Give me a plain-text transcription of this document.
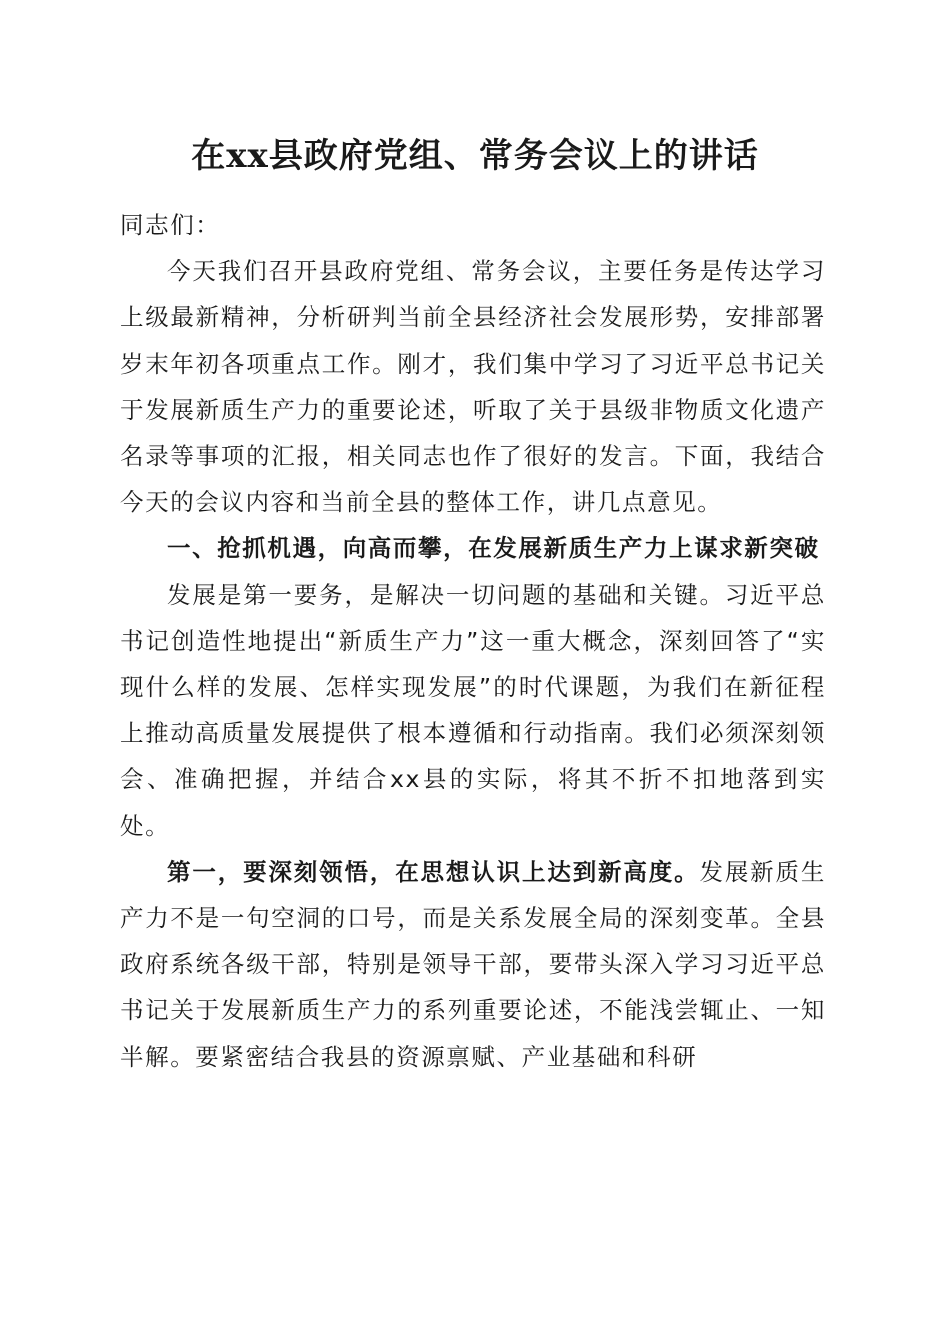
在xx县政府党组、常务会议上的讲话

同志们：

今天我们召开县政府党组、常务会议，主要任务是传达学习上级最新精神，分析研判当前全县经济社会发展形势，安排部署岁末年初各项重点工作。刚才，我们集中学习了习近平总书记关于发展新质生产力的重要论述，听取了关于县级非物质文化遗产名录等事项的汇报，相关同志也作了很好的发言。下面，我结合今天的会议内容和当前全县的整体工作，讲几点意见。

一、抢抓机遇，向高而攀，在发展新质生产力上谋求新突破

发展是第一要务，是解决一切问题的基础和关键。习近平总书记创造性地提出“新质生产力”这一重大概念，深刻回答了“实现什么样的发展、怎样实现发展”的时代课题，为我们在新征程上推动高质量发展提供了根本遵循和行动指南。我们必须深刻领会、准确把握，并结合xx县的实际，将其不折不扣地落到实处。

第一，要深刻领悟，在思想认识上达到新高度。发展新质生产力不是一句空洞的口号，而是关系发展全局的深刻变革。全县政府系统各级干部，特别是领导干部，要带头深入学习习近平总书记关于发展新质生产力的系列重要论述，不能浅尝辄止、一知半解。要紧密结合我县的资源禀赋、产业基础和科研
